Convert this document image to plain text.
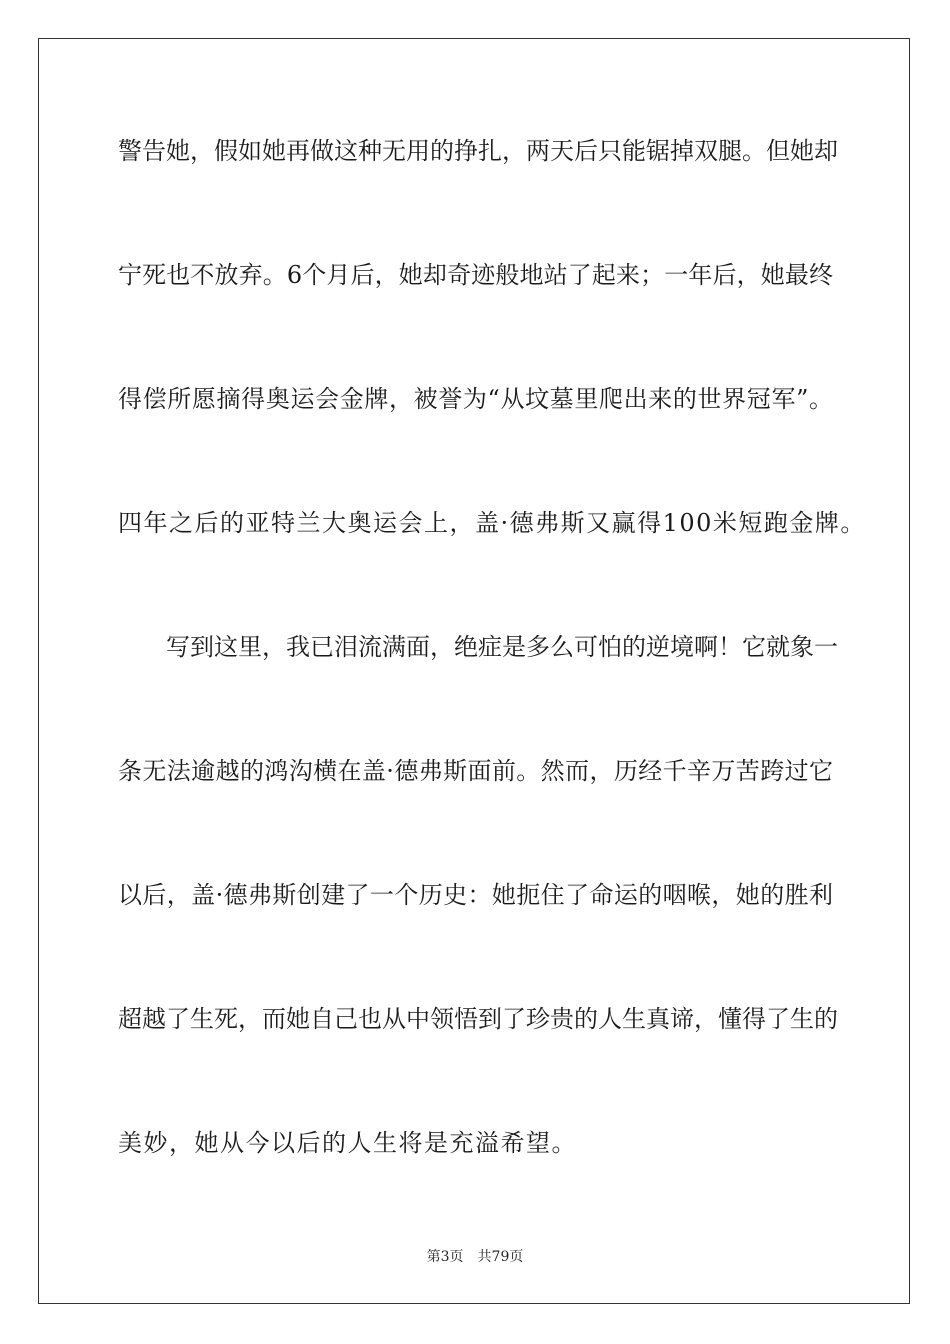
警告她，假如她再做这种无用的挣扎，两天后只能锯掉双腿。但她却
宁死也不放弃。6个月后，她却奇迹般地站了起来；一年后，她最终
得偿所愿摘得奥运会金牌，被誉为“从坟墓里爬出来的世界冠军”。
四年之后的亚特兰大奥运会上，盖·德弗斯又赢得100米短跑金牌。
写到这里，我已泪流满面，绝症是多么可怕的逆境啊！它就象一
条无法逾越的鸿沟横在盖·德弗斯面前。然而，历经千辛万苦跨过它
以后，盖·德弗斯创建了一个历史：她扼住了命运的咽喉，她的胜利
超越了生死，而她自己也从中领悟到了珍贵的人生真谛，懂得了生的
美妙，她从今以后的人生将是充溢希望。
第3页 共79页
